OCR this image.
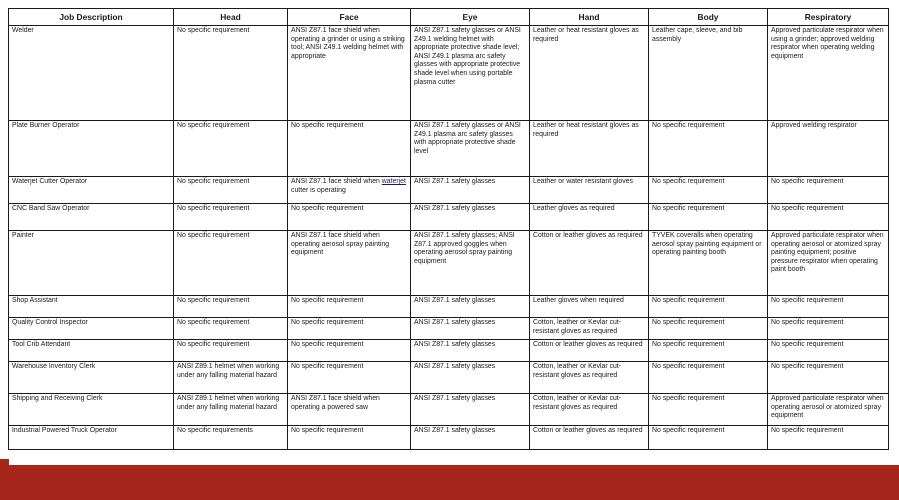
Job Description	Head	Face	Eye	Hand	Body	Respiratory
Welder	No specific requirement	ANSI Z87.1 face shield when operating a grinder or using a striking tool; ANSI Z49.1 welding helmet with appropriate	ANSI Z87.1 safety glasses or ANSI Z49.1 welding helmet with appropriate protective shade level; ANSI Z49.1 plasma arc safety glasses with appropriate protective shade level when using portable plasma cutter	Leather or heat resistant gloves as required	Leather cape, sleeve, and bib assembly	Approved particulate respirator when using a grinder; approved welding respirator when operating welding equipment
Plate Burner Operator	No specific requirement	No specific requirement	ANSI Z87.1 safety glasses or ANSI Z49.1 plasma arc safety glasses with appropriate protective shade level	Leather or heat resistant gloves as required	No specific requirement	Approved welding respirator
Waterjet Cutter Operator	No specific requirement	ANSI Z87.1 face shield when waterjet cutter is operating	ANSI Z87.1 safety glasses	Leather or water resistant gloves	No specific requirement	No specific requirement
CNC Band Saw Operator	No specific requirement	No specific requirement	ANSI Z87.1 safety glasses	Leather gloves as required	No specific requirement	No specific requirement
Painter	No specific requirement	ANSI Z87.1 face shield when operating aerosol spray painting equipment	ANSI Z87.1 safety glasses; ANSI Z87.1 approved goggles when operating aerosol spray painting equipment	Cotton or leather gloves as required	TYVEK coveralls when operating aerosol spray painting equipment or operating painting booth	Approved particulate respirator when operating aerosol or atomized spray painting equipment; positive pressure respirator when operating paint booth
Shop Assistant	No specific requirement	No specific requirement	ANSI Z87.1 safety glasses	Leather gloves when required	No specific requirement	No specific requirement
Quality Control Inspector	No specific requirement	No specific requirement	ANSI Z87.1 safety glasses	Cotton, leather or Kevlar cut-resistant gloves as required	No specific requirement	No specific requirement
Tool Crib Attendant	No specific requirement	No specific requirement	ANSI Z87.1 safety glasses	Cotton or leather gloves as required	No specific requirement	No specific requirement
Warehouse Inventory Clerk	ANSI Z89.1 helmet when working under any falling material hazard	No specific requirement	ANSI Z87.1 safety glasses	Cotton, leather or Kevlar cut-resistant gloves as required	No specific requirement	No specific requirement
Shipping and Receiving Clerk	ANSI Z89.1 helmet when working under any falling material hazard	ANSI Z87.1 face shield when operating a powered saw	ANSI Z87.1 safety glasses	Cotton, leather or Kevlar cut-resistant gloves as required	No specific requirement	Approved particulate respirator when operating aerosol or atomized spray equipment
Industrial Powered Truck Operator	No specific requirements	No specific requirement	ANSI Z87.1 safety glasses	Cotton or leather gloves as required	No specific requirement	No specific requirement
